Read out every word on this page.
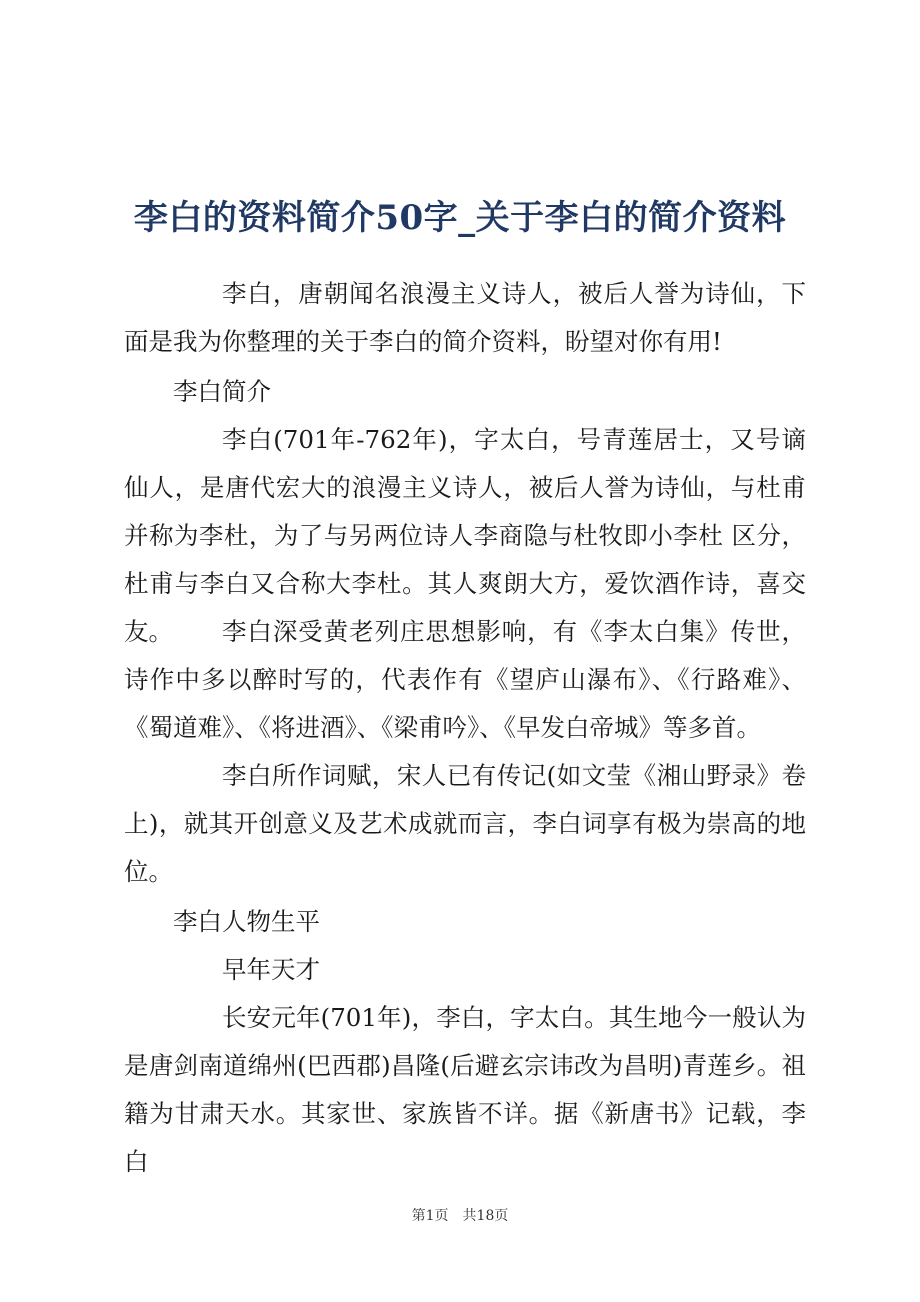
李白的资料简介50字_关于李白的简介资料

李白，唐朝闻名浪漫主义诗人，被后人誉为诗仙，下面是我为你整理的关于李白的简介资料，盼望对你有用!

李白简介

李白(701年-762年)，字太白，号青莲居士，又号谪仙人，是唐代宏大的浪漫主义诗人，被后人誉为诗仙，与杜甫并称为李杜，为了与另两位诗人李商隐与杜牧即小李杜 区分，杜甫与李白又合称大李杜。其人爽朗大方，爱饮酒作诗，喜交友。	李白深受黄老列庄思想影响，有《李太白集》传世，诗作中多以醉时写的，代表作有《望庐山瀑布》、《行路难》、《蜀道难》、《将进酒》、《梁甫吟》、《早发白帝城》等多首。

李白所作词赋，宋人已有传记(如文莹《湘山野录》卷上)，就其开创意义及艺术成就而言，李白词享有极为崇高的地位。

李白人物生平
早年天才

长安元年(701年)，李白，字太白。其生地今一般认为是唐剑南道绵州(巴西郡)昌隆(后避玄宗讳改为昌明)青莲乡。祖籍为甘肃天水。其家世、家族皆不详。据《新唐书》记载，李白

第1页　共18页
